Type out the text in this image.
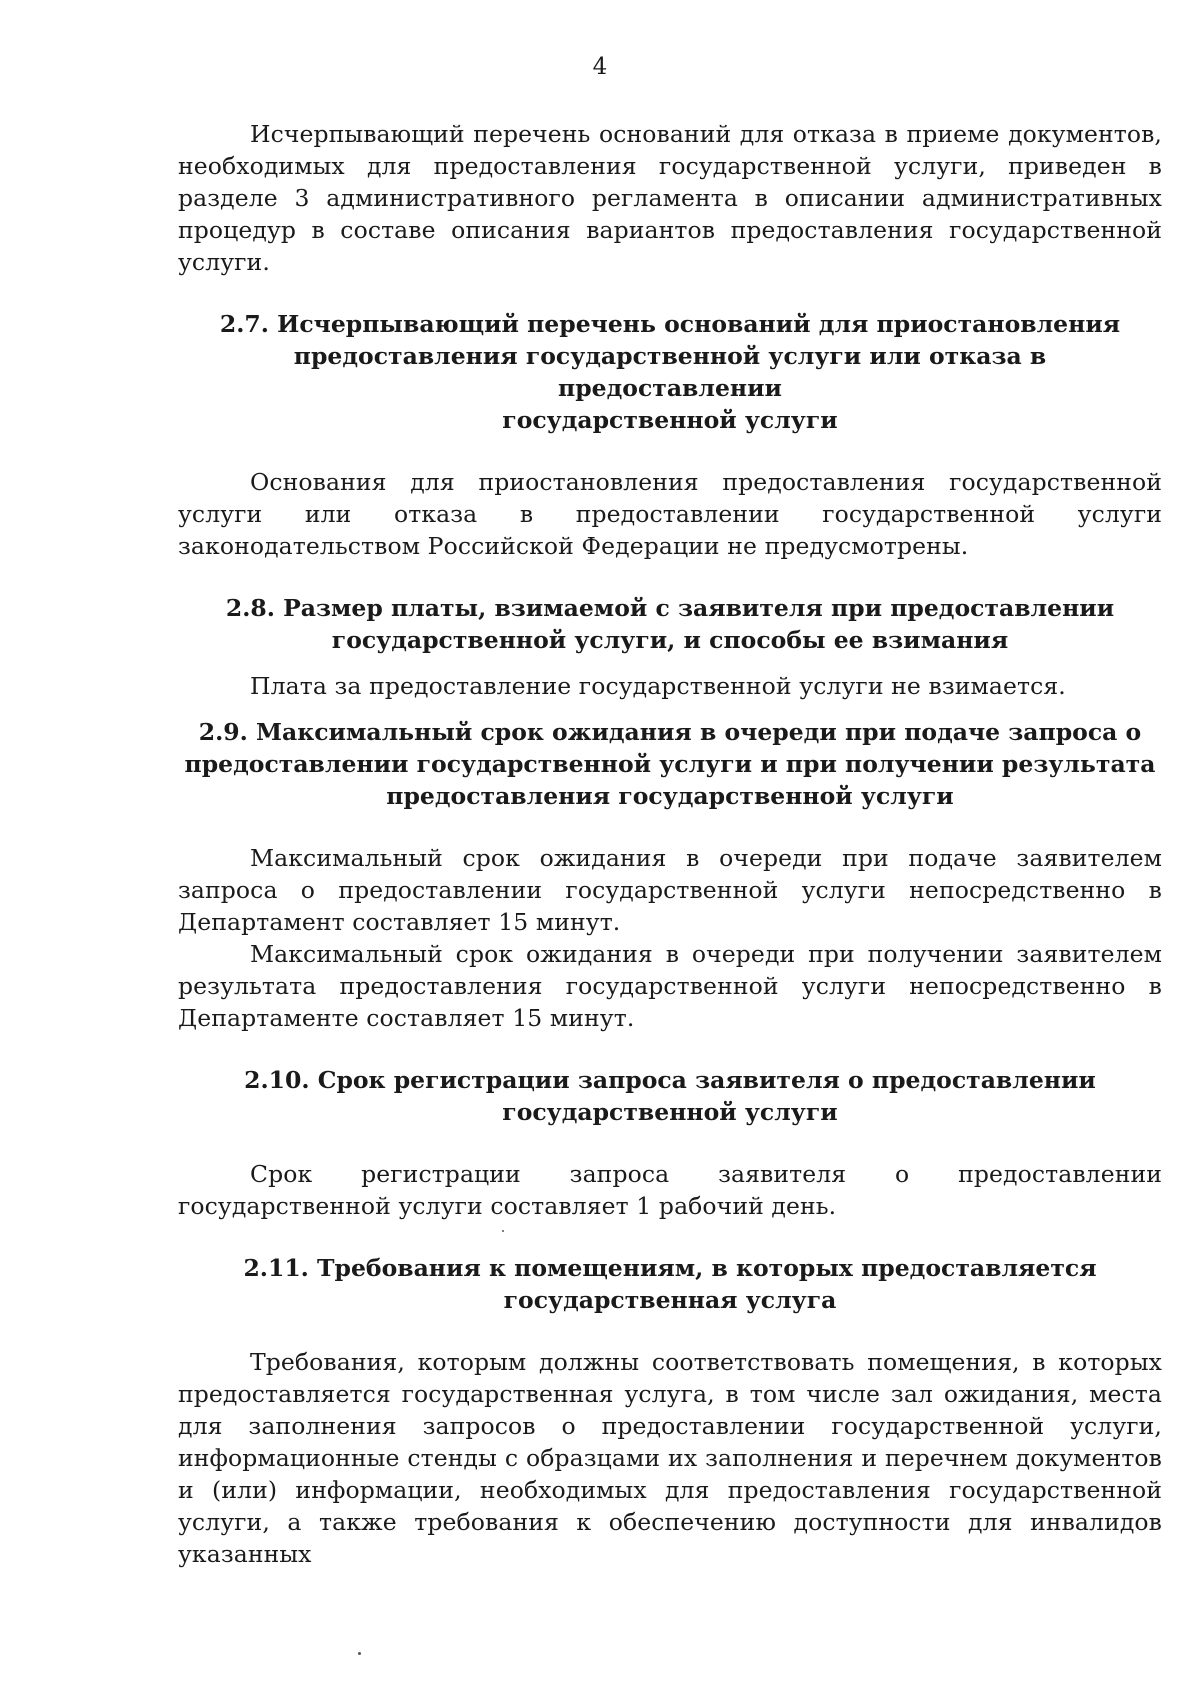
4

Исчерпывающий перечень оснований для отказа в приеме документов, необходимых для предоставления государственной услуги, приведен в разделе 3 административного регламента в описании административных процедур в составе описания вариантов предоставления государственной услуги.

2.7. Исчерпывающий перечень оснований для приостановления
предоставления государственной услуги или отказа в предоставлении
государственной услуги

Основания для приостановления предоставления государственной услуги или отказа в предоставлении государственной услуги законодательством Российской Федерации не предусмотрены.

2.8. Размер платы, взимаемой с заявителя при предоставлении
государственной услуги, и способы ее взимания

Плата за предоставление государственной услуги не взимается.

2.9. Максимальный срок ожидания в очереди при подаче запроса о
предоставлении государственной услуги и при получении результата
предоставления государственной услуги

Максимальный срок ожидания в очереди при подаче заявителем запроса о предоставлении государственной услуги непосредственно в Департамент составляет 15 минут.

Максимальный срок ожидания в очереди при получении заявителем результата предоставления государственной услуги непосредственно в Департаменте составляет 15 минут.

2.10. Срок регистрации запроса заявителя о предоставлении
государственной услуги

Срок регистрации запроса заявителя о предоставлении государственной услуги составляет 1 рабочий день.

2.11. Требования к помещениям, в которых предоставляется
государственная услуга

Требования, которым должны соответствовать помещения, в которых предоставляется государственная услуга, в том числе зал ожидания, места для заполнения запросов о предоставлении государственной услуги, информационные стенды с образцами их заполнения и перечнем документов и (или) информации, необходимых для предоставления государственной услуги, а также требования к обеспечению доступности для инвалидов указанных
